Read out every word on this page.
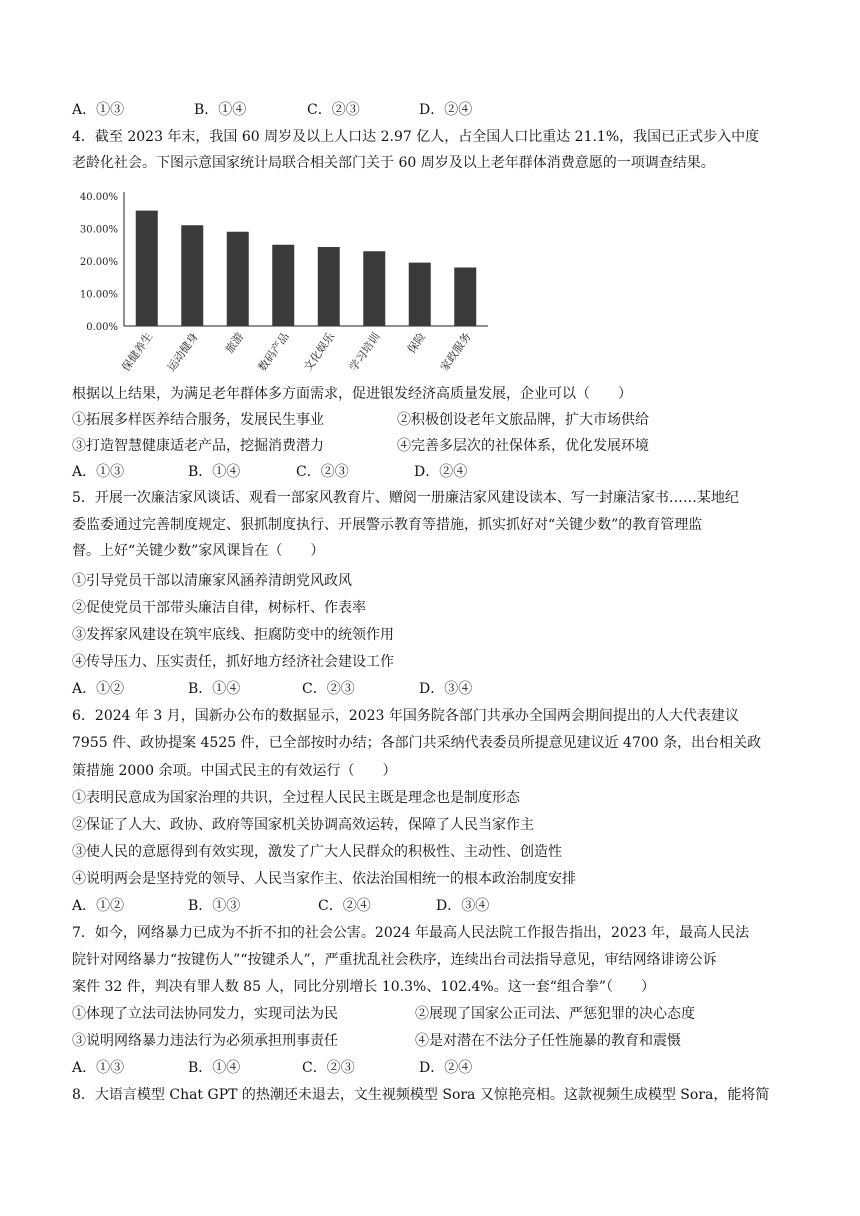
A．①③	B．①④	C．②③	D．②④
4．截至 2023 年末，我国 60 周岁及以上人口达 2.97 亿人，占全国人口比重达 21.1%，我国已正式步入中度
老龄化社会。下图示意国家统计局联合相关部门关于 60 周岁及以上老年群体消费意愿的一项调查结果。
40.00%
30.00%
20.00%
10.00%
0.00%
保健养生 运动健身 旅游 数码产品 文化娱乐 学习培训 保险 家政服务
根据以上结果，为满足老年群体多方面需求，促进银发经济高质量发展，企业可以（　　）
①拓展多样医养结合服务，发展民生事业	②积极创设老年文旅品牌，扩大市场供给
③打造智慧健康适老产品，挖掘消费潜力	④完善多层次的社保体系，优化发展环境
A．①③	B．①④	C．②③	D．②④
5．开展一次廉洁家风谈话、观看一部家风教育片、赠阅一册廉洁家风建设读本、写一封廉洁家书……某地纪
委监委通过完善制度规定、狠抓制度执行、开展警示教育等措施，抓实抓好对“关键少数”的教育管理监
督。上好“关键少数”家风课旨在（　　）
①引导党员干部以清廉家风涵养清朗党风政风
②促使党员干部带头廉洁自律，树标杆、作表率
③发挥家风建设在筑牢底线、拒腐防变中的统领作用
④传导压力、压实责任，抓好地方经济社会建设工作
A．①②	B．①④	C．②③	D．③④
6．2024 年 3 月，国新办公布的数据显示，2023 年国务院各部门共承办全国两会期间提出的人大代表建议
7955 件、政协提案 4525 件，已全部按时办结；各部门共采纳代表委员所提意见建议近 4700 条，出台相关政
策措施 2000 余项。中国式民主的有效运行（　　）
①表明民意成为国家治理的共识，全过程人民民主既是理念也是制度形态
②保证了人大、政协、政府等国家机关协调高效运转，保障了人民当家作主
③使人民的意愿得到有效实现，激发了广大人民群众的积极性、主动性、创造性
④说明两会是坚持党的领导、人民当家作主、依法治国相统一的根本政治制度安排
A．①②	B．①③	C．②④	D．③④
7．如今，网络暴力已成为不折不扣的社会公害。2024 年最高人民法院工作报告指出，2023 年，最高人民法
院针对网络暴力“按键伤人”“按键杀人”，严重扰乱社会秩序，连续出台司法指导意见，审结网络诽谤公诉
案件 32 件，判决有罪人数 85 人，同比分别增长 10.3%、102.4%。这一套“组合拳”（　　）
①体现了立法司法协同发力，实现司法为民	②展现了国家公正司法、严惩犯罪的决心态度
③说明网络暴力违法行为必须承担刑事责任	④是对潜在不法分子任性施暴的教育和震慑
A．①③	B．①④	C．②③	D．②④
8．大语言模型 Chat GPT 的热潮还未退去，文生视频模型 Sora 又惊艳亮相。这款视频生成模型 Sora，能将简
